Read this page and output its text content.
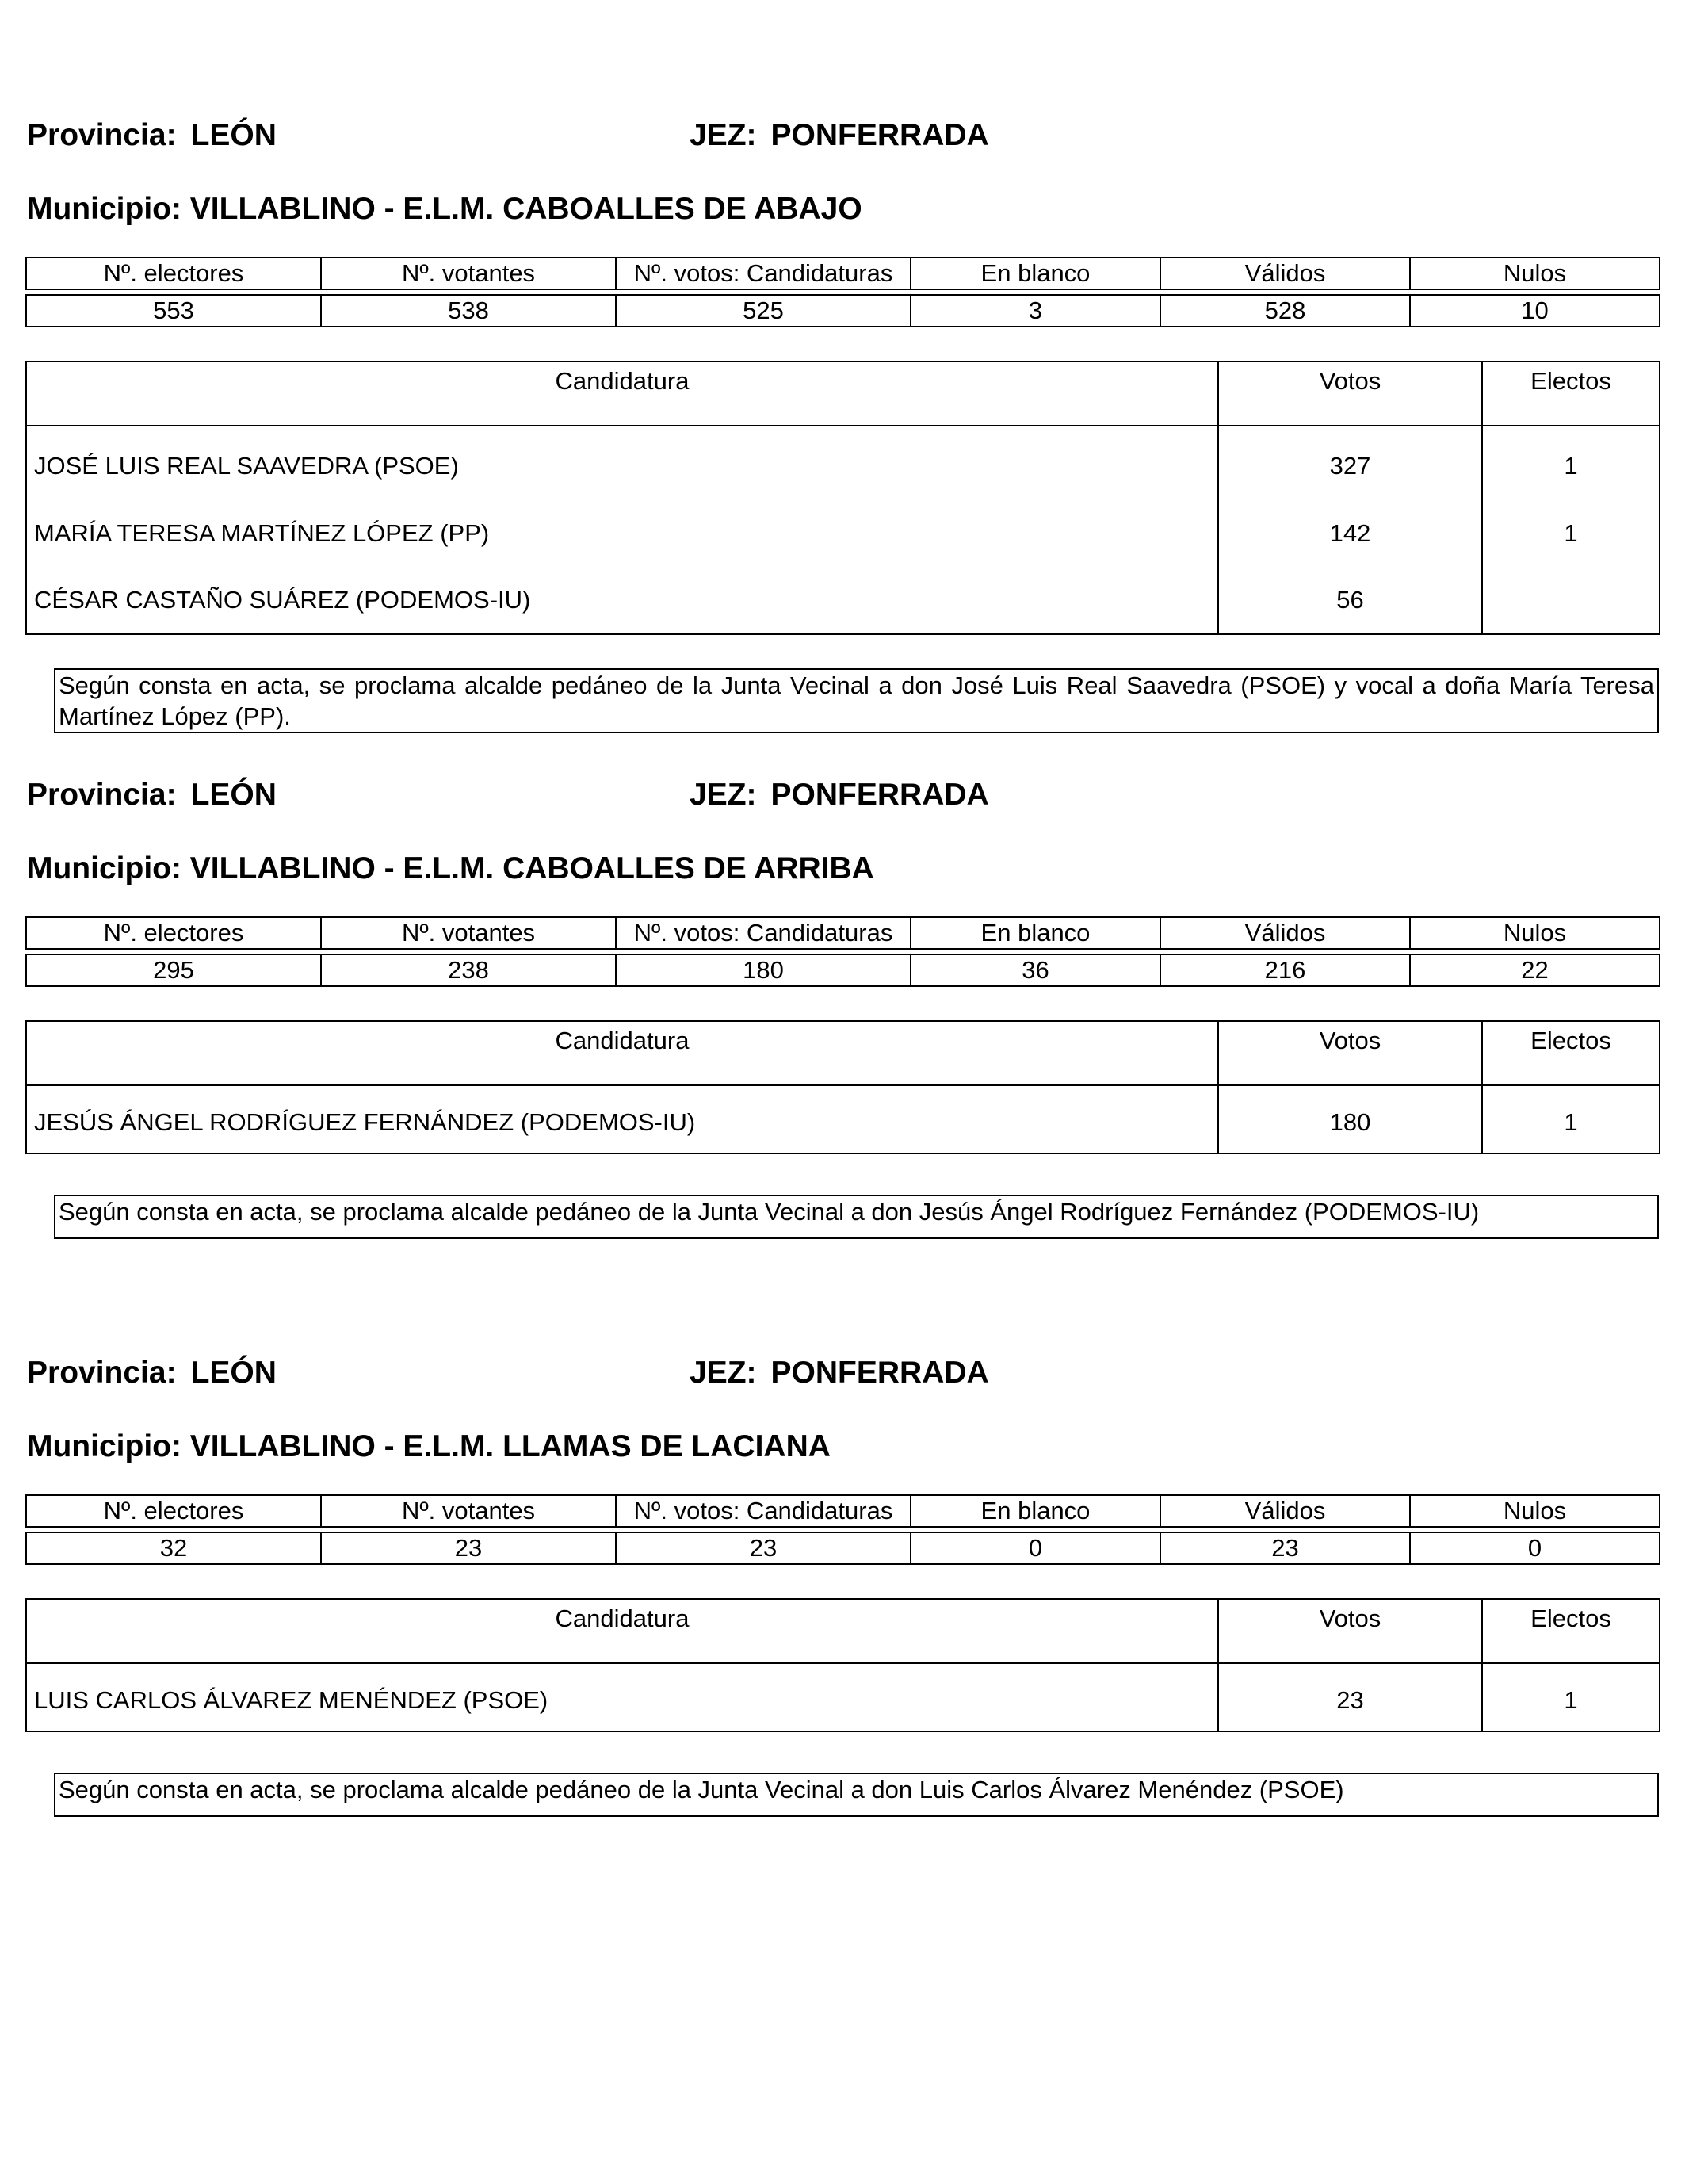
Provincia: LEÓN	JEZ: PONFERRADA
Municipio: VILLABLINO - E.L.M. CABOALLES DE ABAJO
Nº. electores	Nº. votantes	Nº. votos: Candidaturas	En blanco	Válidos	Nulos

553	538	525	3	528	10
Candidatura	Votos	Electos
JOSÉ LUIS REAL SAAVEDRA (PSOE)	327	1
MARÍA TERESA MARTÍNEZ LÓPEZ (PP)	142	1
CÉSAR CASTAÑO SUÁREZ (PODEMOS-IU)	56	
Según consta en acta, se proclama alcalde pedáneo de la Junta Vecinal a don José Luis Real Saavedra (PSOE) y vocal a doña María Teresa Martínez López (PP).
Provincia: LEÓN	JEZ: PONFERRADA
Municipio: VILLABLINO - E.L.M. CABOALLES DE ARRIBA
Nº. electores	Nº. votantes	Nº. votos: Candidaturas	En blanco	Válidos	Nulos

295	238	180	36	216	22
Candidatura	Votos	Electos
JESÚS ÁNGEL RODRÍGUEZ FERNÁNDEZ (PODEMOS-IU)	180	1
Según consta en acta, se proclama alcalde pedáneo de la Junta Vecinal a don Jesús Ángel Rodríguez Fernández (PODEMOS-IU)
Provincia: LEÓN	JEZ: PONFERRADA
Municipio: VILLABLINO - E.L.M. LLAMAS DE LACIANA
Nº. electores	Nº. votantes	Nº. votos: Candidaturas	En blanco	Válidos	Nulos

32	23	23	0	23	0
Candidatura	Votos	Electos
LUIS CARLOS ÁLVAREZ MENÉNDEZ (PSOE)	23	1
Según consta en acta, se proclama alcalde pedáneo de la Junta Vecinal a don Luis Carlos Álvarez Menéndez (PSOE)
